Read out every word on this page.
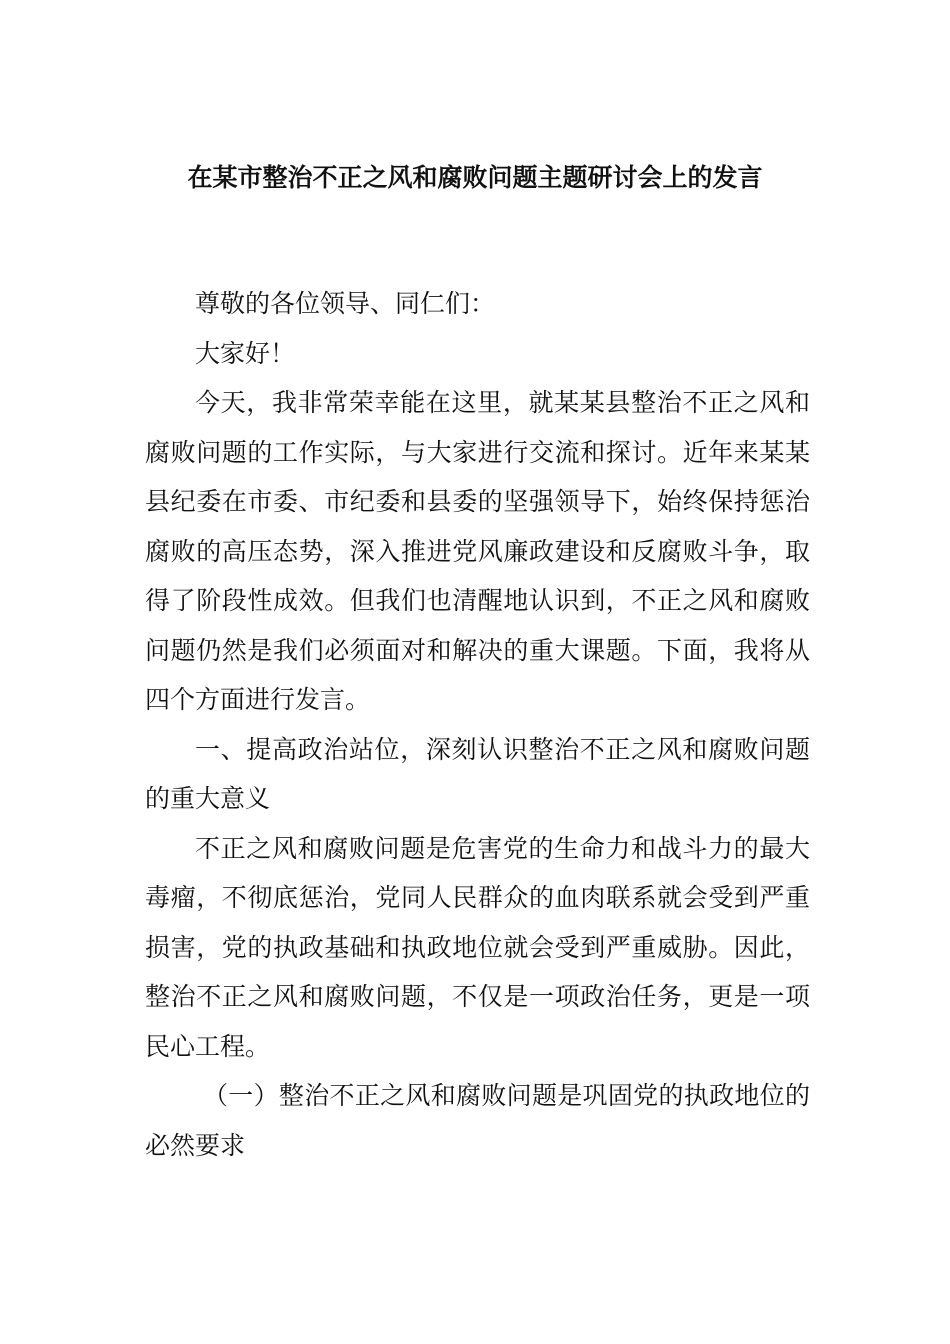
在某市整治不正之风和腐败问题主题研讨会上的发言

尊敬的各位领导、同仁们：

大家好！

今天，我非常荣幸能在这里，就某某县整治不正之风和腐败问题的工作实际，与大家进行交流和探讨。近年来某某县纪委在市委、市纪委和县委的坚强领导下，始终保持惩治腐败的高压态势，深入推进党风廉政建设和反腐败斗争，取得了阶段性成效。但我们也清醒地认识到，不正之风和腐败问题仍然是我们必须面对和解决的重大课题。下面，我将从四个方面进行发言。

一、提高政治站位，深刻认识整治不正之风和腐败问题的重大意义

不正之风和腐败问题是危害党的生命力和战斗力的最大毒瘤，不彻底惩治，党同人民群众的血肉联系就会受到严重损害，党的执政基础和执政地位就会受到严重威胁。因此，整治不正之风和腐败问题，不仅是一项政治任务，更是一项民心工程。

（一）整治不正之风和腐败问题是巩固党的执政地位的必然要求
